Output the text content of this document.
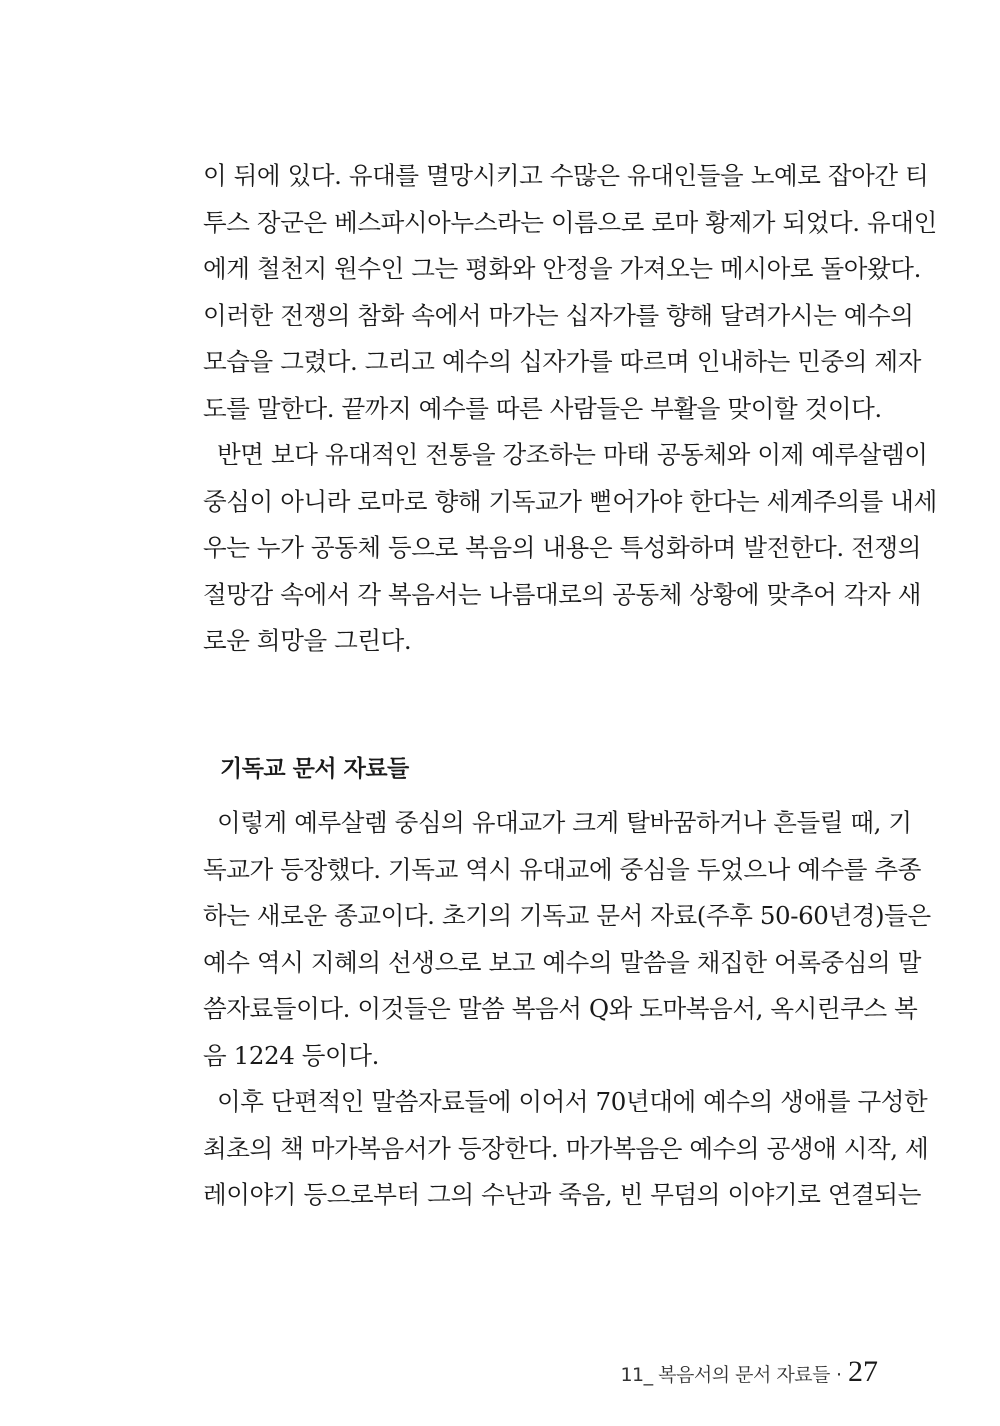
이 뒤에 있다. 유대를 멸망시키고 수많은 유대인들을 노예로 잡아간 티
투스 장군은 베스파시아누스라는 이름으로 로마 황제가 되었다. 유대인
에게 철천지 원수인 그는 평화와 안정을 가져오는 메시아로 돌아왔다.
이러한 전쟁의 참화 속에서 마가는 십자가를 향해 달려가시는 예수의
모습을 그렸다. 그리고 예수의 십자가를 따르며 인내하는 민중의 제자
도를 말한다. 끝까지 예수를 따른 사람들은 부활을 맞이할 것이다.
반면 보다 유대적인 전통을 강조하는 마태 공동체와 이제 예루살렘이
중심이 아니라 로마로 향해 기독교가 뻗어가야 한다는 세계주의를 내세
우는 누가 공동체 등으로 복음의 내용은 특성화하며 발전한다. 전쟁의
절망감 속에서 각 복음서는 나름대로의 공동체 상황에 맞추어 각자 새
로운 희망을 그린다.
기독교 문서 자료들
이렇게 예루살렘 중심의 유대교가 크게 탈바꿈하거나 흔들릴 때, 기
독교가 등장했다. 기독교 역시 유대교에 중심을 두었으나 예수를 추종
하는 새로운 종교이다. 초기의 기독교 문서 자료(주후 50-60년경)들은
예수 역시 지혜의 선생으로 보고 예수의 말씀을 채집한 어록중심의 말
씀자료들이다. 이것들은 말씀 복음서 Q와 도마복음서, 옥시린쿠스 복
음 1224 등이다.
이후 단편적인 말씀자료들에 이어서 70년대에 예수의 생애를 구성한
최초의 책 마가복음서가 등장한다. 마가복음은 예수의 공생애 시작, 세
레이야기 등으로부터 그의 수난과 죽음, 빈 무덤의 이야기로 연결되는
11_ 복음서의 문서 자료들 · 27
